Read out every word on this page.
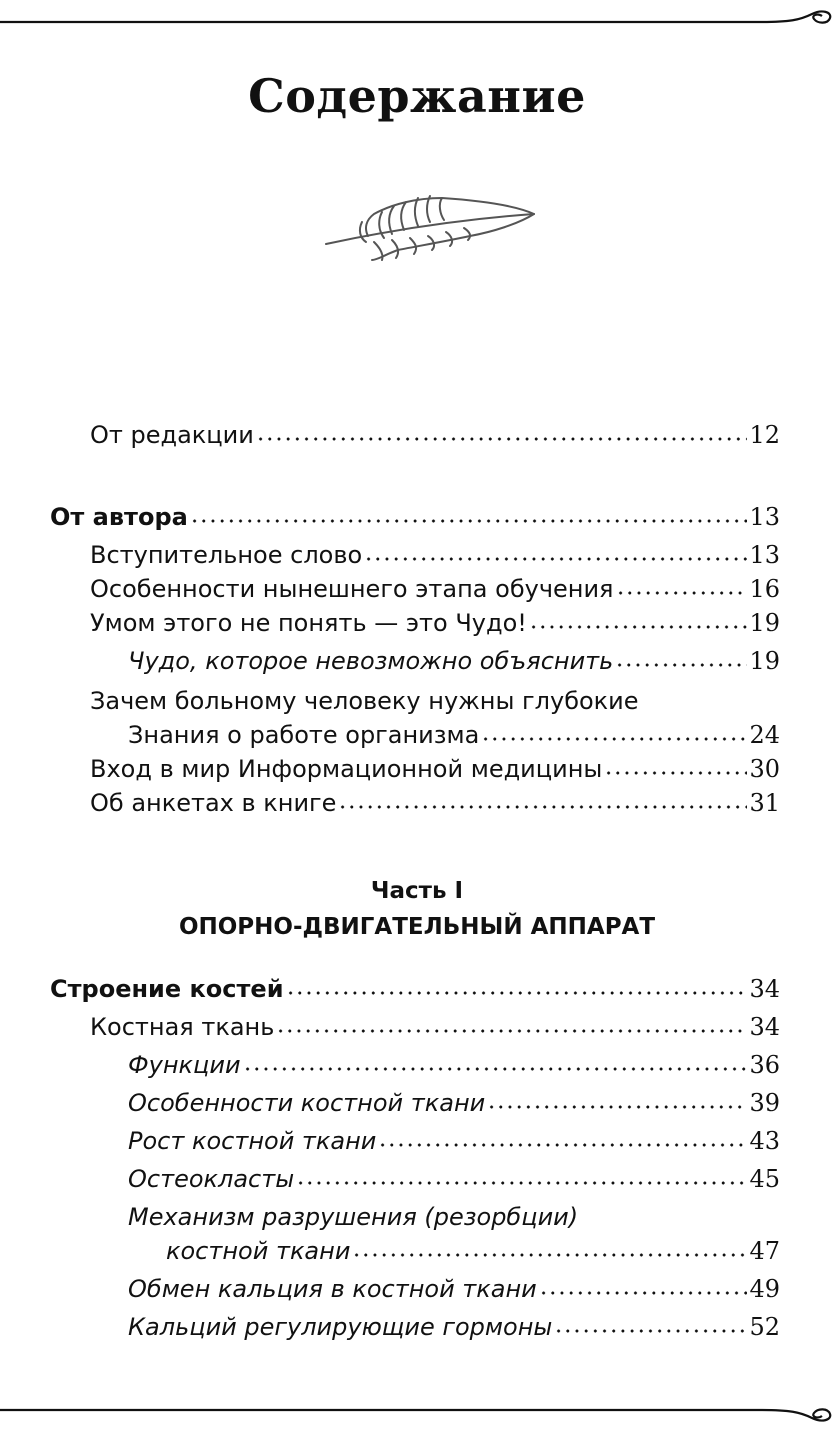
Содержание
От редакции	12
От автора	13
Вступительное слово	13
Особенности нынешнего этапа обучения	16
Умом этого не понять — это Чудо!	19
Чудо, которое невозможно объяснить	19
Зачем больному человеку нужны глубокие
Знания о работе организма	24
Вход в мир Информационной медицины	30
Об анкетах в книге	31
Часть I
ОПОРНО-ДВИГАТЕЛЬНЫЙ АППАРАТ
Строение костей	34
Костная ткань	34
Функции	36
Особенности костной ткани	39
Рост костной ткани	43
Остеокласты	45
Механизм разрушения (резорбции)
костной ткани	47
Обмен кальция в костной ткани	49
Кальций регулирующие гормоны	52
